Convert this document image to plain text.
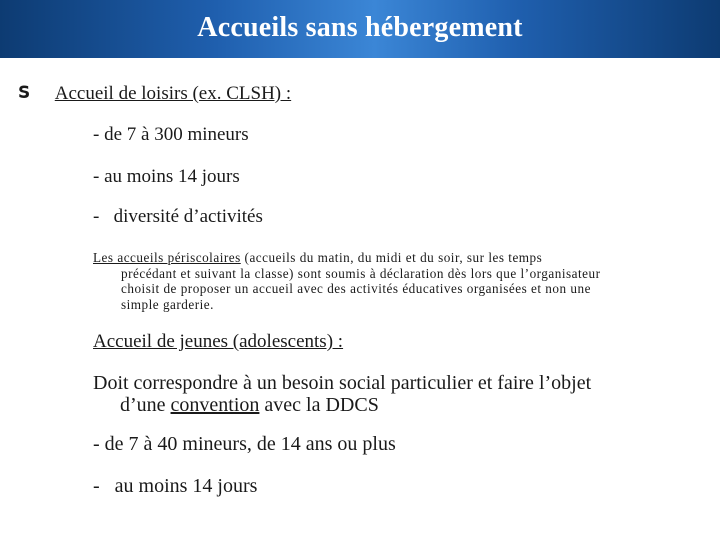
Accueils sans hébergement

𝗦 Accueil de loisirs (ex. CLSH) :

- de 7 à 300 mineurs

- au moins 14 jours

-   diversité d’activités

Les accueils périscolaires (accueils du matin, du midi et du soir, sur les temps
précédant et suivant la classe) sont soumis à déclaration dès lors que l’organisateur
choisit de proposer un accueil avec des activités éducatives organisées et non une
simple garderie.

Accueil de jeunes (adolescents) :

Doit correspondre à un besoin social particulier et faire l’objet

d’une convention avec la DDCS

- de 7 à 40 mineurs, de 14 ans ou plus

-   au moins 14 jours
